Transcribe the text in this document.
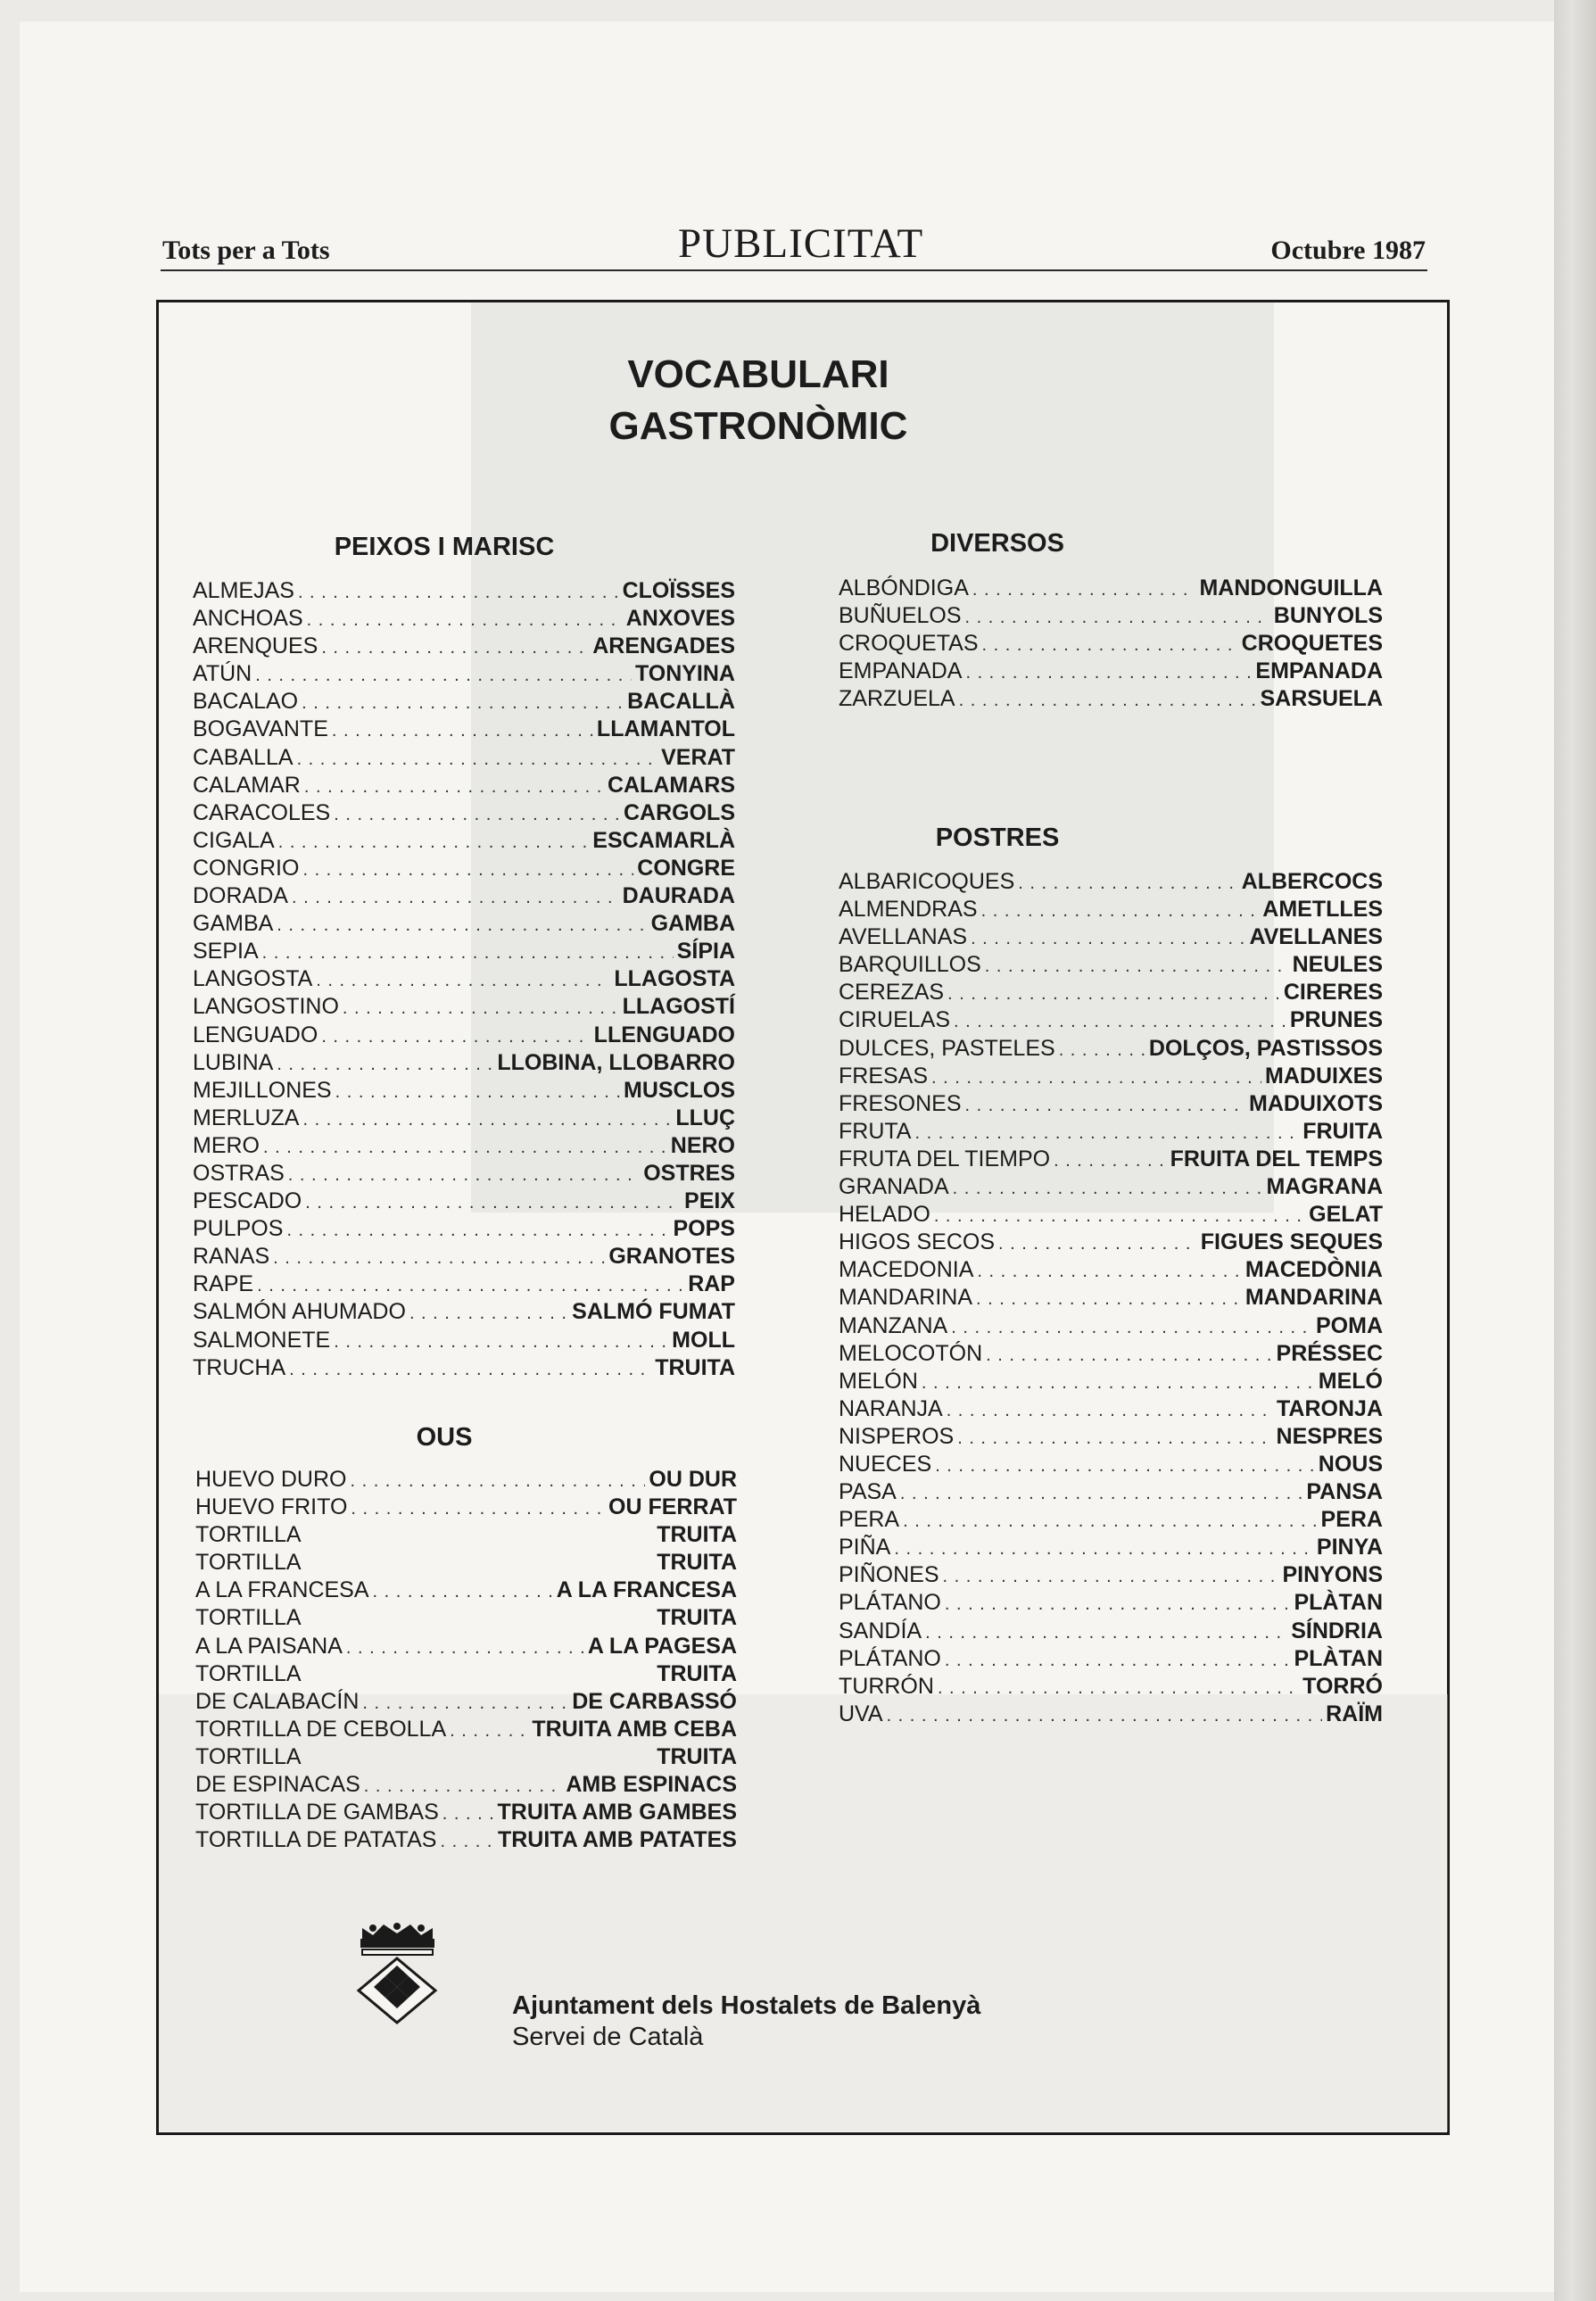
Tots per a Tots	PUBLICITAT	Octubre 1987
VOCABULARI
GASTRONÒMIC
PEIXOS I MARISC
ALMEJAS . . .	CLOÏSSES
ANCHOAS . . .	ANXOVES
ARENQUES . . .	ARENGADES
ATÚN . . .	TONYINA
BACALAO . . .	BACALLÀ
BOGAVANTE . . .	LLAMANTOL
CABALLA . . .	VERAT
CALAMAR . . .	CALAMARS
CARACOLES . . .	CARGOLS
CIGALA . . .	ESCAMARLÀ
CONGRIO . . .	CONGRE
DORADA . . .	DAURADA
GAMBA . . .	GAMBA
SEPIA . . .	SÍPIA
LANGOSTA . . .	LLAGOSTA
LANGOSTINO . . .	LLAGOSTÍ
LENGUADO . . .	LLENGUADO
LUBINA . . .	LLOBINA, LLOBARRO
MEJILLONES . . .	MUSCLOS
MERLUZA . . .	LLUÇ
MERO . . .	NERO
OSTRAS . . .	OSTRES
PESCADO . . .	PEIX
PULPOS . . .	POPS
RANAS . . .	GRANOTES
RAPE . . .	RAP
SALMÓN AHUMADO . . .	SALMÓ FUMAT
SALMONETE . . .	MOLL
TRUCHA . . .	TRUITA
OUS
HUEVO DURO . . .	OU DUR
HUEVO FRITO . . .	OU FERRAT
TORTILLA	TRUITA
TORTILLA	TRUITA
A LA FRANCESA . . .	A LA FRANCESA
TORTILLA	TRUITA
A LA PAISANA . . .	A LA PAGESA
TORTILLA	TRUITA
DE CALABACÍN . . .	DE CARBASSÓ
TORTILLA DE CEBOLLA . . .	TRUITA AMB CEBA
TORTILLA	TRUITA
DE ESPINACAS . . .	AMB ESPINACS
TORTILLA DE GAMBAS . . .	TRUITA AMB GAMBES
TORTILLA DE PATATAS . . .	TRUITA AMB PATATES
DIVERSOS
ALBÓNDIGA . . .	MANDONGUILLA
BUÑUELOS . . .	BUNYOLS
CROQUETAS . . .	CROQUETES
EMPANADA . . .	EMPANADA
ZARZUELA . . .	SARSUELA
POSTRES
ALBARICOQUES . . .	ALBERCOCS
ALMENDRAS . . .	AMETLLES
AVELLANAS . . .	AVELLANES
BARQUILLOS . . .	NEULES
CEREZAS . . .	CIRERES
CIRUELAS . . .	PRUNES
DULCES, PASTELES . . .	DOLÇOS, PASTISSOS
FRESAS . . .	MADUIXES
FRESONES . . .	MADUIXOTS
FRUTA . . .	FRUITA
FRUTA DEL TIEMPO . . .	FRUITA DEL TEMPS
GRANADA . . .	MAGRANA
HELADO . . .	GELAT
HIGOS SECOS . . .	FIGUES SEQUES
MACEDONIA . . .	MACEDÒNIA
MANDARINA . . .	MANDARINA
MANZANA . . .	POMA
MELOCOTÓN . . .	PRÉSSEC
MELÓN . . .	MELÓ
NARANJA . . .	TARONJA
NISPEROS . . .	NESPRES
NUECES . . .	NOUS
PASA . . .	PANSA
PERA . . .	PERA
PIÑA . . .	PINYA
PIÑONES . . .	PINYONS
PLÁTANO . . .	PLÀTAN
SANDÍA . . .	SÍNDRIA
PLÁTANO . . .	PLÀTAN
TURRÓN . . .	TORRÓ
UVA . . .	RAÏM
Ajuntament dels Hostalets de Balenyà
Servei de Català
